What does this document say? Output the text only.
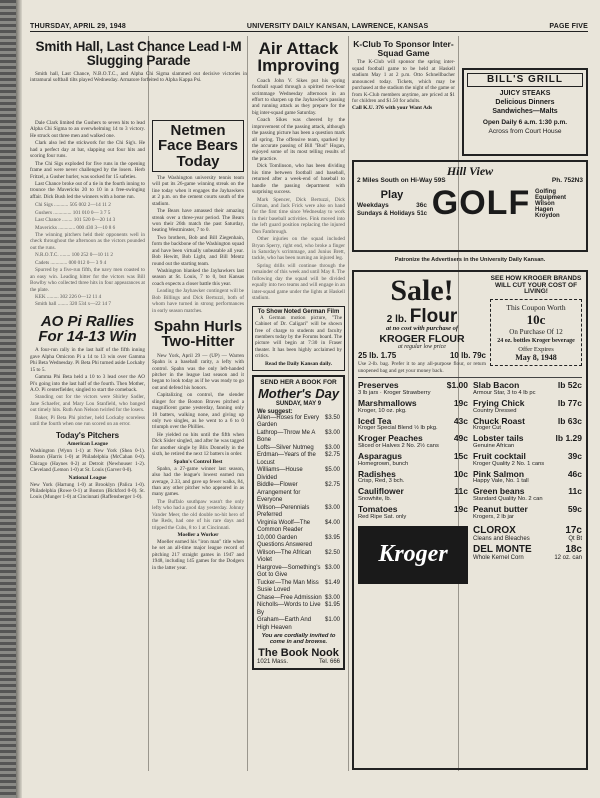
THURSDAY, APRIL 29, 1948	UNIVERSITY DAILY KANSAN, LAWRENCE, KANSAS	PAGE FIVE
Smith Hall, Last Chance Lead I-M Slugging Parade

Smith hall, Last Chance, N.B.O.T.C., and Alpha Chi Sigma slammed out decisive victories in intramural softball tilts played Wednesday. Armatore forfeited to Alpha Kappa Psi.

Dale Clark limited the Gushers to seven hits to lead Alpha Chi Sigma to an overwhelming 14 to 3 victory. He struck out three men and walked one.

Clark also led the stickwork for the Chi Sig's. He had a perfect day at bat, slapping out four hits and scoring four runs.

The Chi Sigs exploded for five runs in the opening frame and were never challenged by the losers. Herb Fritzel, a Gusher hurler, was socked for 15 safeties.

Last Chance broke out of a tie in the fourth inning to trounce the Mavericks 20 to 10 in a free-swinging affair. Dick Bush led the winners with a home run.

Chi Sigs ........... 505 002 2—14 11 2

Gushers .............. 101 010 0— 3 7 5

Last Chance ........ 101 520 0—20 14 3

Mavericks ............. 000 430 3—10 8 6

The winning pitchers held their opponents well in check throughout the afternoon as the victors pounded out the runs.

N.R.O.T.C. ........ 100 252 0—10 11 2

Cadets ............. 000 012 0— 3 9 4

Spurred by a five-run fifth, the navy men coasted to an easy win. Leading hitter for the victors was Bill Bowlby who collected three hits in four appearances at the plate.

KEK ......... 302 226 0—12 11 4

Smith hall ........ 320 534 x—22 14 7

AO Pi Rallies For 14-13 Win

A four-run rally in the last half of the fifth inning gave Alpha Omicron Pi a 14 to 13 win over Gamma Phi Beta Wednesday. Pi Beta Phi turned aside Lockaby 15 to 5.

Gamma Phi Beta held a 10 to 3 lead over the AO Pi's going into the last half of the fourth. Then Mother, A.O. Pi centerfielder, singled to start the comeback.

Standing out for the victors were Shirley Sadler, Jane Schaefer, and Mary Lou Stanfield, who banged out timely hits. Ruth Ann Nelson twirled for the losers.

Baker, Pi Beta Phi pitcher, held Lockaby scoreless until the fourth when one run scored on an error.

Today's Pitchers
American League
Washington (Wynn 1-1) at New York (Shea 0-1). Boston (Harris 1-0) at Philadelphia (McCahan 0-0). Chicago (Haynes 0-2) at Detroit (Newhouser 1-2). Cleveland (Lemon 1-0) at St. Louis (Garver 0-0).
National League
New York (Hartung 1-0) at Brooklyn (Palica 1-0). Philadelphia (Rowe 0-1) at Boston (Bickford 0-0). St. Louis (Munger 1-0) at Cincinnati (Raffensberger 1-0).
Netmen Face Bears Today

The Washington university tennis team will put its 26-game winning streak on the line today when it engages the Jayhawkers at 2 p.m. on the cement courts south of the stadium.

The Bears have amassed their amazing streak over a three-year period. The Bears won their 26th match the past Saturday, beating Westminster, 7 to 0.

Two brothers, Bob and Bill Ziegenhain, form the backbone of the Washington squad and have been virtually unbeatable all year. Bob Hewitt, Bob Light, and Bill Mentz round out the starting team.

Washington blanked the Jayhawkers last season at St. Louis, 7 to 0, but Kansas coach expects a closer battle this year.

Leading the Jayhawker contingent will be Bob Billings and Dick Bertuzzi, both of whom have turned in strong performances in early season matches.

Spahn Hurls Two-Hitter

New York, April 29 — (UP) — Warren Spahn is a baseball rarity, a lefty with control. Spahn was the only left-handed pitcher in the league last season and it began to look today as if he was ready to go out and defend his honors.

Capitalizing on control, the slender slinger for the Boston Braves pitched a magnificent game yesterday, fanning only 10 batters, walking none, and giving up only two singles, as he went to a 6 to 0 triumph over the Phillies.

He yielded no hits until the fifth when Dick Sisler singled, and after he was tagged for another single by Blix Donnelly in the sixth, he retired the next 12 batters in order.

Spahn's Control Best

Spahn, a 27-game winner last season, also had the league's lowest earned run average, 2.33, and gave up fewer walks, 84, than any other pitcher who appeared in as many games.

The Buffalo southpaw wasn't the only lefty who had a good day yesterday. Johnny Vander Meer, the old double no-hit hero of the Reds, had one of his rare days and tripped the Cubs, 8 to 1 at Cincinnati.

Moeller a Worker

Moeller earned his "iron man" title when he set an all-time major league record of pitching 217 straight games in 1947 and 1948, including 145 games for the Dodgers in the latter year.

Air Attack Improving

Coach John V. Sikes put his spring football squad through a spirited two-hour scrimmage Wednesday afternoon in an effort to sharpen up the Jayhawker's passing and running attack as they prepare for the big inter-squad game Saturday.

Coach Sikes was cheered by the improvement of the passing attack, although the passing picture has been a question mark all spring. The offensive team, sparked by the accurate passing of Bill "Bud" Hogan, enjoyed some of its most telling results of the practice.

Dick Tomlinson, who has been dividing his time between football and baseball, returned after a week-end of baseball to handle the passing department with surprising success.

Mark Spencer, Dick Bertuzzi, Dick Gilman, and Jack Frick were also on hand for the first time since Wednesday to work in their baseball activities. Fink moved into the left guard position replacing the injured Don Fambrough.

Other injuries on the squad included Bryan Sperry, right end, who broke a finger in Saturday's scrimmage, and Junius Brett, tackle, who has been nursing an injured leg.

Spring drills will continue through the remainder of this week and until May 8. The following day the squad will be divided equally into two teams and will engage in an inter-squad game under the lights at Haskell stadium.

To Show Noted German Film

A German motion picture, "The Cabinet of Dr. Caligari" will be shown free of charge to students and faculty members today by the Forums board. The picture will begin at 7:30 in Fraser theater. It has been highly acclaimed by critics.

Read the Daily Kansan daily.
SEND HER A BOOK FOR
Mother's Day
SUNDAY, MAY 9
We suggest:
Allen—Roses for Every Garden
$3.50
Lathrop—Throw Me A Bone
$3.00
Lofts—Silver Nutmeg $3.00
Erdman—Years of the Locust
$2.75
Williams—House Divided
$5.00
Biddle—Flower Arrangement for Everyone
$2.75
Wilson—Perennials Preferred
$3.00
Virginia Woolf—The Common Reader
$4.00
10,000 Garden Questions Answered
$3.95
Wilson—The African Violet
$2.50
Hargrove—Something's Got to Give
$3.00
Tucker—The Man Miss Susie Loved
$1.49
Chase—Free Admission $3.00
Nicholls—Words to Live By
$1.95
Graham—Earth And High Heaven
$1.00
You are cordially invited to come in and browse.
The Book Nook
1021 Mass.	Tel. 666
K-Club To Sponsor Inter-Squad Game

The K-Club will sponsor the spring inter-squad football game to be held at Haskell stadium May 1 at 2 p.m. Otto Schnellbacher announced today. Tickets, which may be purchased at the stadium the night of the game or from K-Club members anytime, are priced at $1 for children and $1.50 for adults.

Call K.U. 376 with your Want Ads
BILL'S GRILL
JUICY STEAKS
Delicious Dinners
Sandwiches—Malts
Open Daily 6 a.m. 1:30 p.m.
Across from Court House
Hill View
2 Miles South on Hi-Way 59S	Ph. 752N3
Play
Weekdays	36c
Sundays & Holidays 51c GOLF Golfing Equipment
Wilson
Hagen
Kroydon
Patronize the Advertisers in the University Daily Kansan.
Sale!
2 lb. Flour
at no cost with purchase of
KROGER FLOUR
at regular low price
25 lb. 1.75	10 lb. 79c
Use 2-lb. bag. Prefer it to any all-purpose flour, or return unopened bag and get your money back.
SEE HOW KROGER BRANDS WILL CUT YOUR COST OF LIVING!
This Coupon Worth
10c
On Purchase Of 12
24 oz. bottles Kroger beverage
Offer Expires
May 8, 1948
Preserves	$1.00
3 lb jars · Kroger Strawberry
Marshmallows	19c
Kroger, 10 oz. pkg.
Iced Tea	43c
Kroger Special Blend ½ lb pkg.
Kroger Peaches	49c
Sliced or Halves 2 No. 2½ cans
Asparagus	15c
Homegrown, bunch
Radishes	10c
Crisp, Red, 3 bch.
Cauliflower	11c
Snowhite, lb.
Tomatoes	19c
Red Ripe Sat. only
Slab Bacon	lb 52c
Armour Star, 3 to 4 lb pc
Frying Chick	lb 77c
Country Dressed
Chuck Roast	lb 63c
Kroger Cut
Lobster tails	lb 1.29
Genuine African
Fruit cocktail	39c
Kroger Quality 2 No. 1 cans
Pink Salmon	46c
Happy Vale, No. 1 tall
Green beans	11c
Standard Quality No. 2 can
Peanut butter	59c
Krogers, 2 lb jar
Kroger
CLOROX	17c
Cleans and Bleaches	Qt Bt
DEL MONTE	18c
Whole Kernel Corn	12 oz. can
